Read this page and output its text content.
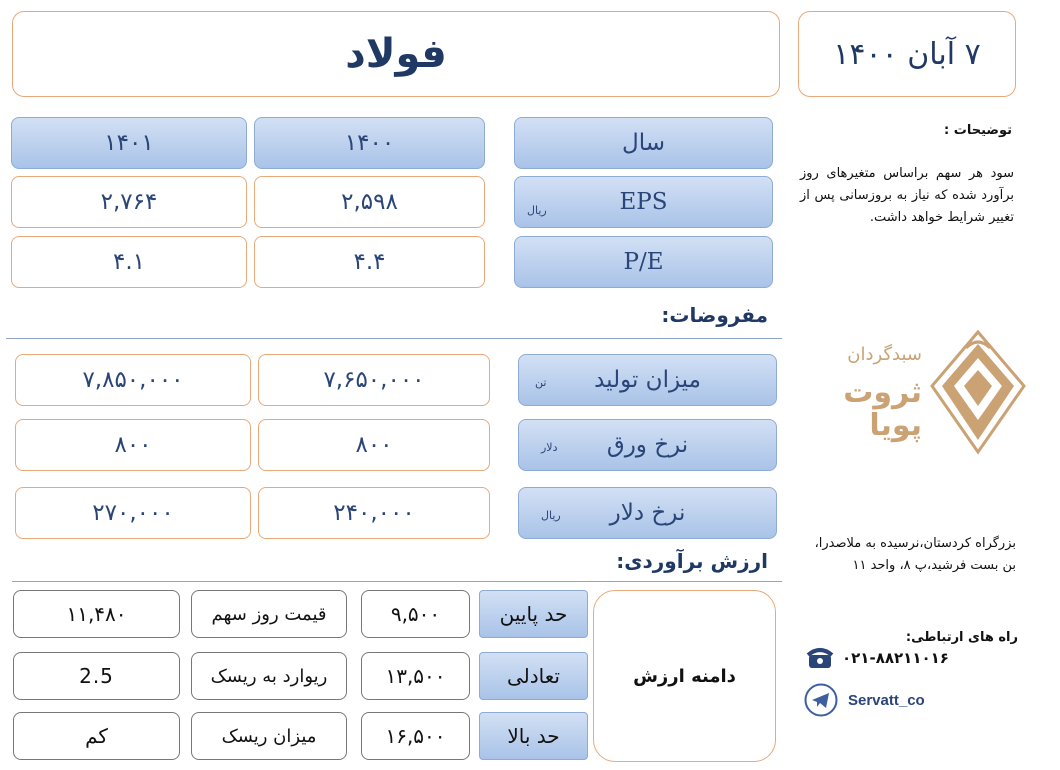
فولاد	۷ آبان ۱۴۰۰
سال
۱۴۰۰
۱۴۰۱
EPS
ریال
۲,۵۹۸
۲,۷۶۴
P/E
۴.۴
۴.۱
مفروضات:
میزان تولید
تن
۷,۶۵۰,۰۰۰
۷,۸۵۰,۰۰۰
نرخ ورق
دلار
۸۰۰
۸۰۰
نرخ دلار
ریال
۲۴۰,۰۰۰
۲۷۰,۰۰۰
ارزش برآوردی:
دامنه ارزش
حد پایین
تعادلی
حد بالا
۹,۵۰۰
۱۳,۵۰۰
۱۶,۵۰۰
قیمت روز سهم
ریوارد به ریسک
میزان ریسک
۱۱,۴۸۰
2.5
کم
توضیحات :
سود هر سهم براساس متغیرهای روز برآورد شده که نیاز به بروزسانی پس از تغییر شرایط خواهد داشت.
سبدگردان
ثروت پویا
بزرگراه کردستان،نرسیده به ملاصدرا، بن بست فرشید،پ ۸، واحد ۱۱
راه های ارتباطی:
۰۲۱-۸۸۲۱۱۰۱۶
Servatt_co
